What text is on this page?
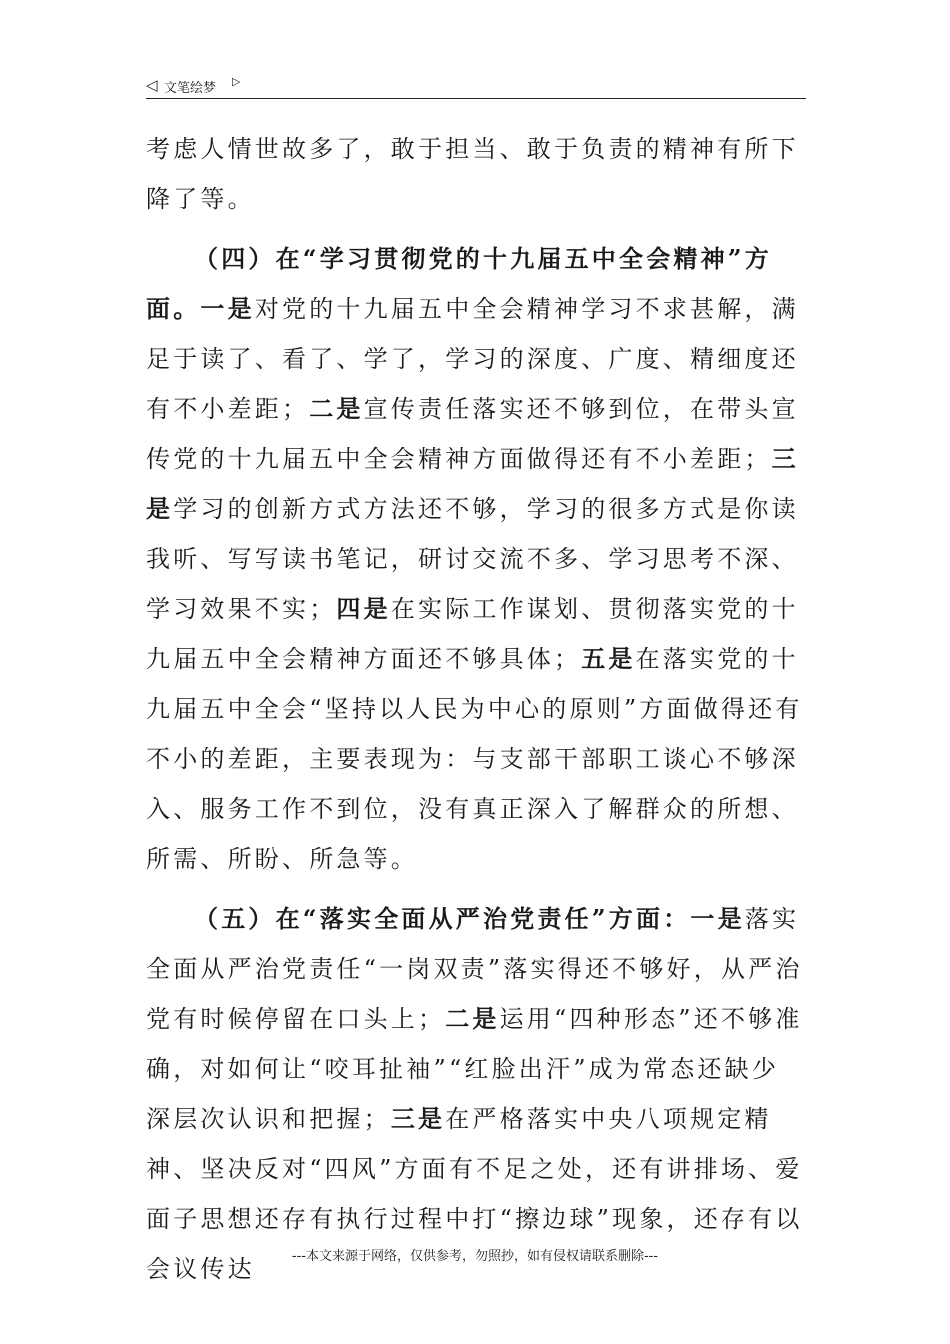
◁ 文笔绘梦 ▷

考虑人情世故多了，敢于担当、敢于负责的精神有所下降了等。

（四）在“学习贯彻党的十九届五中全会精神”方面。一是对党的十九届五中全会精神学习不求甚解，满足于读了、看了、学了，学习的深度、广度、精细度还有不小差距；二是宣传责任落实还不够到位，在带头宣传党的十九届五中全会精神方面做得还有不小差距；三是学习的创新方式方法还不够，学习的很多方式是你读我听、写写读书笔记，研讨交流不多、学习思考不深、学习效果不实；四是在实际工作谋划、贯彻落实党的十九届五中全会精神方面还不够具体；五是在落实党的十九届五中全会“坚持以人民为中心的原则”方面做得还有不小的差距，主要表现为：与支部干部职工谈心不够深入、服务工作不到位，没有真正深入了解群众的所想、所需、所盼、所急等。

（五）在“落实全面从严治党责任”方面：一是落实全面从严治党责任“一岗双责”落实得还不够好，从严治党有时候停留在口头上；二是运用“四种形态”还不够准确，对如何让“咬耳扯袖”“红脸出汗”成为常态还缺少深层次认识和把握；三是在严格落实中央八项规定精神、坚决反对“四风”方面有不足之处，还有讲排场、爱面子思想还存有执行过程中打“擦边球”现象，还存有以会议传达	---本文来源于网络，仅供参考，勿照抄，如有侵权请联系删除---
